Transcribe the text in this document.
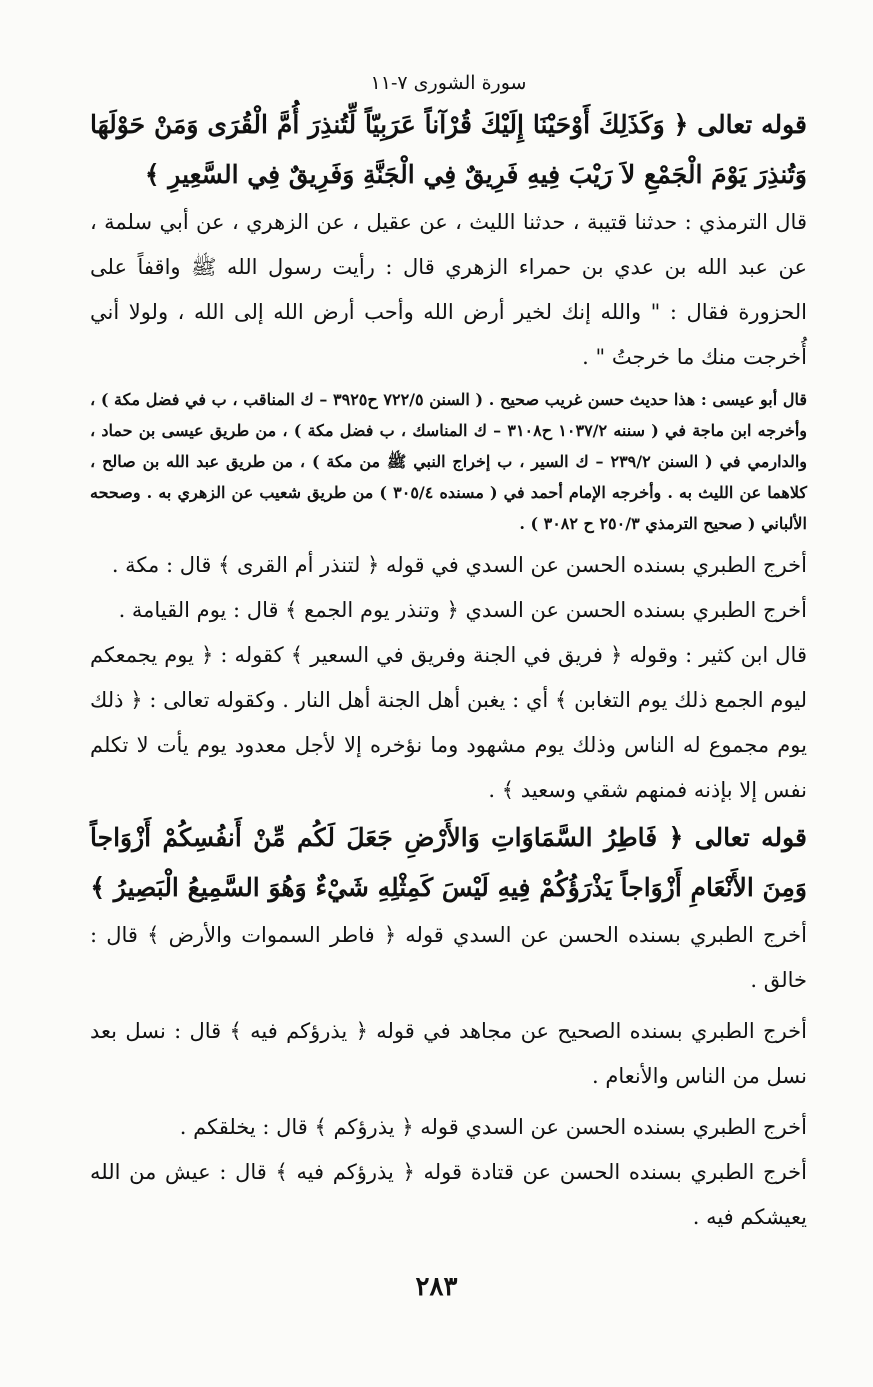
سورة الشورى ٧-١١

قوله تعالى ﴿ وَكَذَلِكَ أَوْحَيْنَا إِلَيْكَ قُرْآناً عَرَبِيّاً لِّتُنذِرَ أُمَّ الْقُرَى وَمَنْ حَوْلَهَا وَتُنذِرَ يَوْمَ الْجَمْعِ لاَ رَيْبَ فِيهِ فَرِيقٌ فِي الْجَنَّةِ وَفَرِيقٌ فِي السَّعِيرِ ﴾

قال الترمذي : حدثنا قتيبة ، حدثنا الليث ، عن عقيل ، عن الزهري ، عن أبي سلمة ، عن عبد الله بن عدي بن حمراء الزهري قال : رأيت رسول الله ﷺ واقفاً على الحزورة فقال : " والله إنك لخير أرض الله وأحب أرض الله إلى الله ، ولولا أني أُخرجت منك ما خرجتُ " .

قال أبو عيسى : هذا حديث حسن غريب صحيح . ( السنن ٧٢٢/٥ ح٣٩٢٥ – ك المناقب ، ب في فضل مكة ) ، وأخرجه ابن ماجة في ( سننه ١٠٣٧/٢ ح٣١٠٨ – ك المناسك ، ب فضل مكة ) ، من طريق عيسى بن حماد ، والدارمي في ( السنن ٢٣٩/٢ – ك السير ، ب إخراج النبي ﷺ من مكة ) ، من طريق عبد الله بن صالح ، كلاهما عن الليث به . وأخرجه الإمام أحمد في ( مسنده ٣٠٥/٤ ) من طريق شعيب عن الزهري به . وصححه الألباني ( صحيح الترمذي ٢٥٠/٣ ح ٣٠٨٢ ) .

أخرج الطبري بسنده الحسن عن السدي في قوله ﴿ لتنذر أم القرى ﴾ قال : مكة .

أخرج الطبري بسنده الحسن عن السدي ﴿ وتنذر يوم الجمع ﴾ قال : يوم القيامة .

قال ابن كثير : وقوله ﴿ فريق في الجنة وفريق في السعير ﴾ كقوله : ﴿ يوم يجمعكم ليوم الجمع ذلك يوم التغابن ﴾ أي : يغبن أهل الجنة أهل النار . وكقوله تعالى : ﴿ ذلك يوم مجموع له الناس وذلك يوم مشهود وما نؤخره إلا لأجل معدود يوم يأت لا تكلم نفس إلا بإذنه فمنهم شقي وسعيد ﴾ .

قوله تعالى ﴿ فَاطِرُ السَّمَاوَاتِ وَالأَرْضِ جَعَلَ لَكُم مِّنْ أَنفُسِكُمْ أَزْوَاجاً وَمِنَ الأَنْعَامِ أَزْوَاجاً يَذْرَؤُكُمْ فِيهِ لَيْسَ كَمِثْلِهِ شَيْءٌ وَهُوَ السَّمِيعُ الْبَصِيرُ ﴾

أخرج الطبري بسنده الحسن عن السدي قوله ﴿ فاطر السموات والأرض ﴾ قال : خالق .

أخرج الطبري بسنده الصحيح عن مجاهد في قوله ﴿ يذرؤكم فيه ﴾ قال : نسل بعد نسل من الناس والأنعام .

أخرج الطبري بسنده الحسن عن السدي قوله ﴿ يذرؤكم ﴾ قال : يخلقكم .

أخرج الطبري بسنده الحسن عن قتادة قوله ﴿ يذرؤكم فيه ﴾ قال : عيش من الله يعيشكم فيه .

٢٨٣
